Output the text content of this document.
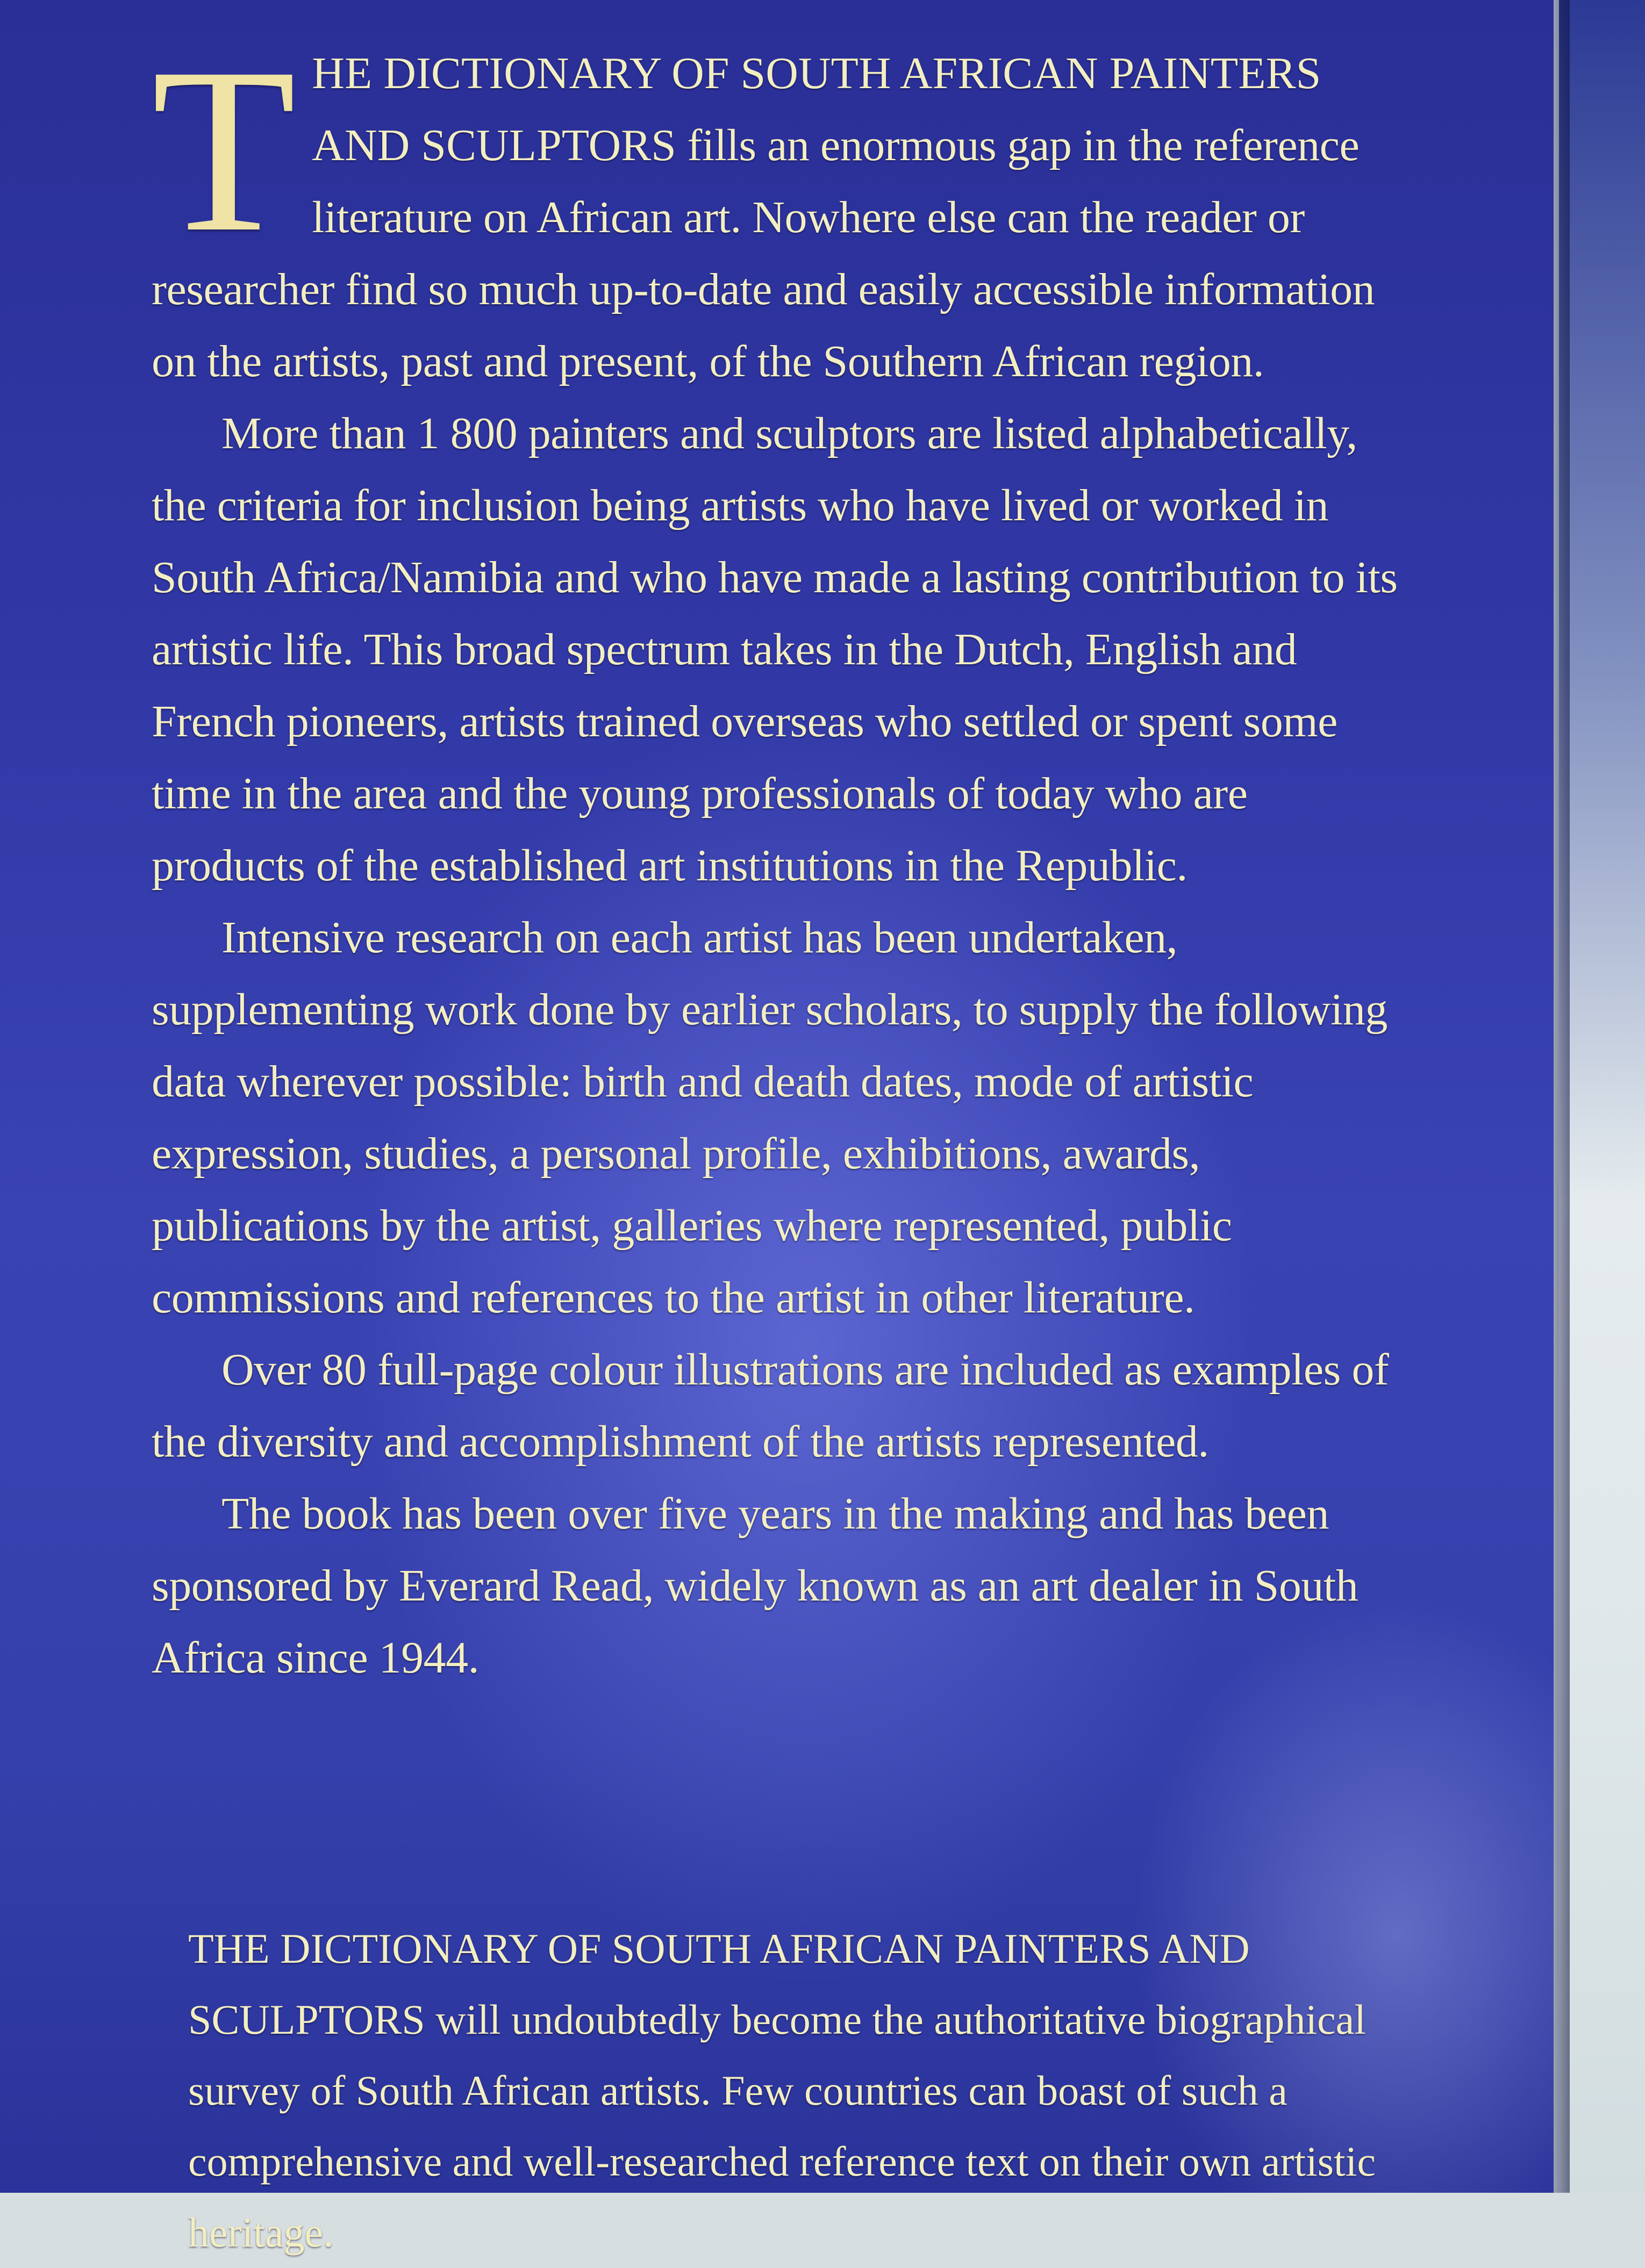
THE DICTIONARY OF SOUTH AFRICAN PAINTERS AND SCULPTORS fills an enormous gap in the reference literature on African art. Nowhere else can the reader or researcher find so much up-to-date and easily accessible information on the artists, past and present, of the Southern African region.

More than 1 800 painters and sculptors are listed alphabetically, the criteria for inclusion being artists who have lived or worked in South Africa/Namibia and who have made a lasting contribution to its artistic life. This broad spectrum takes in the Dutch, English and French pioneers, artists trained overseas who settled or spent some time in the area and the young professionals of today who are products of the established art institutions in the Republic.

Intensive research on each artist has been undertaken, supplementing work done by earlier scholars, to supply the following data wherever possible: birth and death dates, mode of artistic expression, studies, a personal profile, exhibitions, awards, publications by the artist, galleries where represented, public commissions and references to the artist in other literature.

Over 80 full-page colour illustrations are included as examples of the diversity and accomplishment of the artists represented.

The book has been over five years in the making and has been sponsored by Everard Read, widely known as an art dealer in South Africa since 1944.

THE DICTIONARY OF SOUTH AFRICAN PAINTERS AND SCULPTORS will undoubtedly become the authoritative biographical survey of South African artists. Few countries can boast of such a comprehensive and well-researched reference text on their own artistic heritage.
